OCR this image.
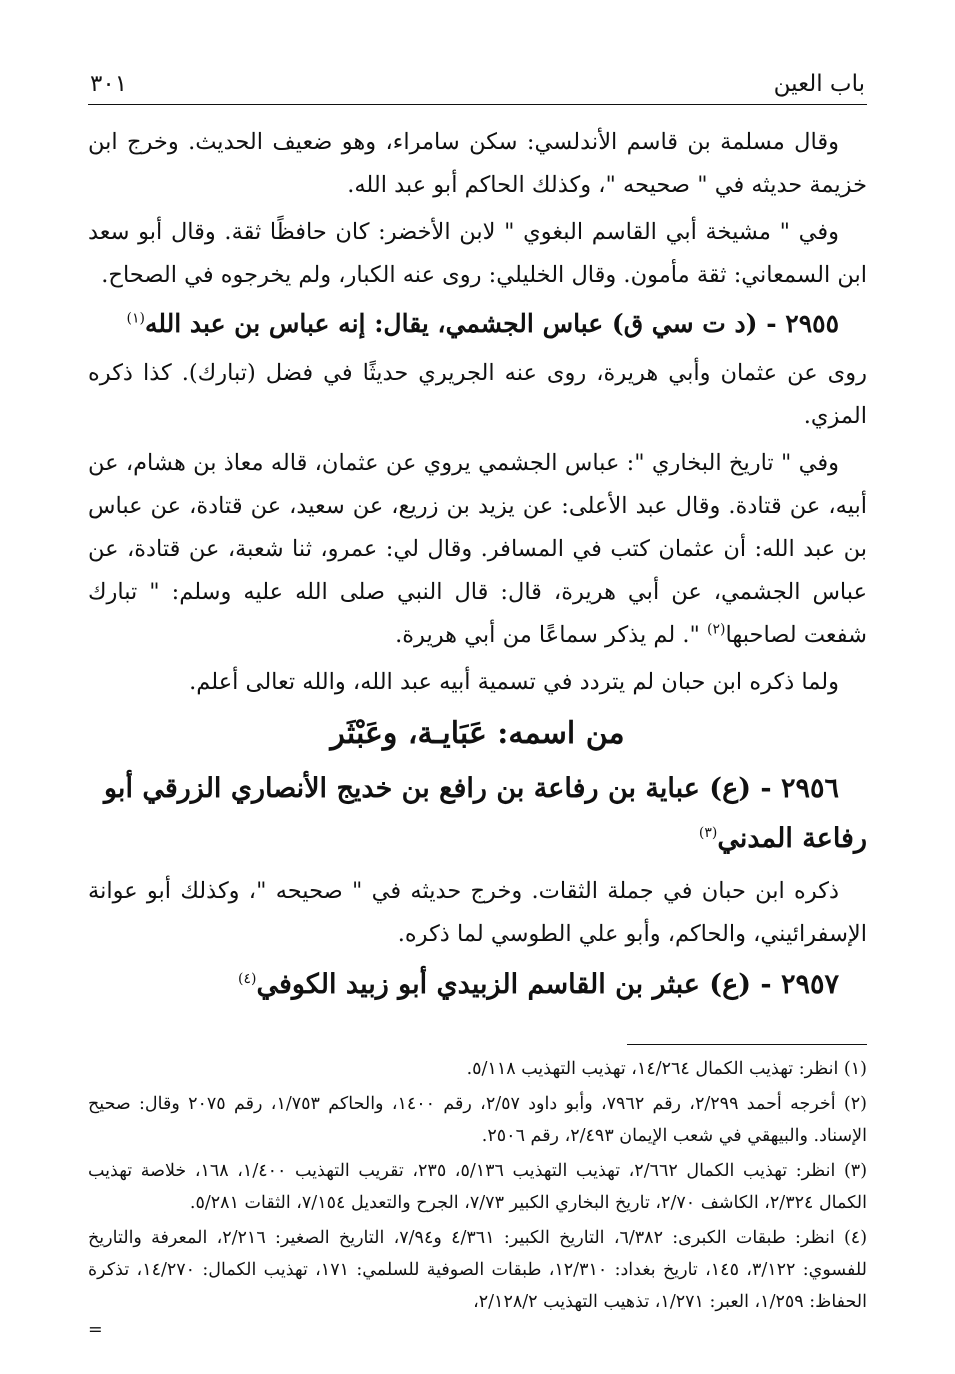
باب العين
٣٠١

وقال مسلمة بن قاسم الأندلسي: سكن سامراء، وهو ضعيف الحديث. وخرج ابن خزيمة حديثه في " صحيحه "، وكذلك الحاكم أبو عبد الله.

وفي " مشيخة أبي القاسم البغوي " لابن الأخضر: كان حافظًا ثقة. وقال أبو سعد ابن السمعاني: ثقة مأمون. وقال الخليلي: روى عنه الكبار، ولم يخرجوه في الصحاح.

٢٩٥٥ - (د ت سي ق) عباس الجشمي، يقال: إنه عباس بن عبد الله$^{(١)}$

روى عن عثمان وأبي هريرة، روى عنه الجريري حديثًا في فضل (تبارك). كذا ذكره المزي.

وفي " تاريخ البخاري ": عباس الجشمي يروي عن عثمان، قاله معاذ بن هشام، عن أبيه، عن قتادة. وقال عبد الأعلى: عن يزيد بن زريع، عن سعيد، عن قتادة، عن عباس بن عبد الله: أن عثمان كتب في المسافر. وقال لي: عمرو، ثنا شعبة، عن قتادة، عن عباس الجشمي، عن أبي هريرة، قال: قال النبي صلى الله عليه وسلم: " تبارك شفعت لصاحبها$^{(٢)}$ ". لم يذكر سماعًا من أبي هريرة.

ولما ذكره ابن حبان لم يتردد في تسمية أبيه عبد الله، والله تعالى أعلم.

من اسمه: عَبَايـة، وعَبْثَر

٢٩٥٦ - (ع) عباية بن رفاعة بن رافع بن خديج الأنصاري الزرقي أبو رفاعة المدني$^{(٣)}$

ذكره ابن حبان في جملة الثقات. وخرج حديثه في " صحيحه "، وكذلك أبو عوانة الإسفرائيني، والحاكم، وأبو علي الطوسي لما ذكره.

٢٩٥٧ - (ع) عبثر بن القاسم الزبيدي أبو زبيد الكوفي$^{(٤)}$

(١) انظر: تهذيب الكمال ١٤/٢٦٤، تهذيب التهذيب ٥/١١٨.

(٢) أخرجه أحمد ٢/٢٩٩، رقم ٧٩٦٢، وأبو داود ٢/٥٧، رقم ١٤٠٠، والحاكم ١/٧٥٣، رقم ٢٠٧٥ وقال: صحيح الإسناد. والبيهقي في شعب الإيمان ٢/٤٩٣، رقم ٢٥٠٦.

(٣) انظر: تهذيب الكمال ٢/٦٦٢، تهذيب التهذيب ٥/١٣٦، ٢٣٥، تقريب التهذيب ١/٤٠٠، ١٦٨، خلاصة تهذيب الكمال ٢/٣٢٤، الكاشف ٢/٧٠، تاريخ البخاري الكبير ٧/٧٣، الجرح والتعديل ٧/١٥٤، الثقات ٥/٢٨١.

(٤) انظر: طبقات الكبرى: ٦/٣٨٢، التاريخ الكبير: ٤/٣٦١ و٧/٩٤، التاريخ الصغير: ٢/٢١٦، المعرفة والتاريخ للفسوي: ٣/١٢٢، ١٤٥، تاريخ بغداد: ١٢/٣١٠، طبقات الصوفية للسلمي: ١٧١، تهذيب الكمال: ١٤/٢٧٠، تذكرة الحفاظ: ١/٢٥٩، العبر: ١/٢٧١، تذهيب التهذيب ٢/١٢٨/٢،

=
